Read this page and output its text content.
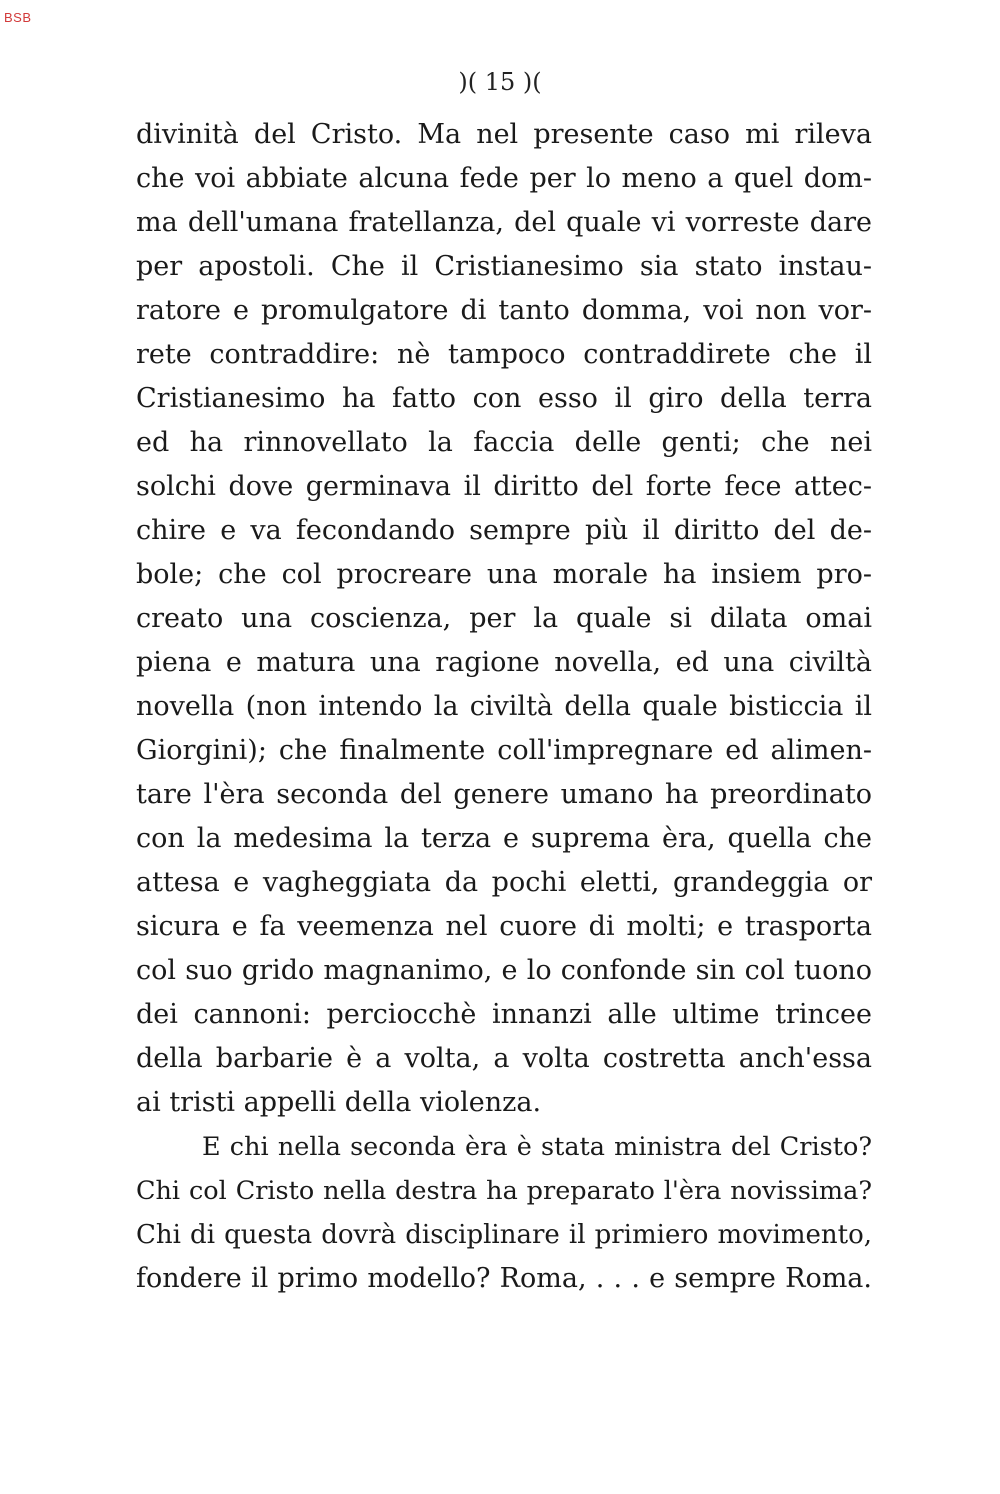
BSB
)( 15 )(
divinità del Cristo. Ma nel presente caso mi rileva
che voi abbiate alcuna fede per lo meno a quel dom-
ma dell'umana fratellanza, del quale vi vorreste dare
per apostoli. Che il Cristianesimo sia stato instau-
ratore e promulgatore di tanto domma, voi non vor-
rete contraddire: nè tampoco contraddirete che il
Cristianesimo ha fatto con esso il giro della terra
ed ha rinnovellato la faccia delle genti; che nei
solchi dove germinava il diritto del forte fece attec-
chire e va fecondando sempre più il diritto del de-
bole; che col procreare una morale ha insiem pro-
creato una coscienza, per la quale si dilata omai
piena e matura una ragione novella, ed una civiltà
novella (non intendo la civiltà della quale bisticcia il
Giorgini); che finalmente coll'impregnare ed alimen-
tare l'èra seconda del genere umano ha preordinato
con la medesima la terza e suprema èra, quella che
attesa e vagheggiata da pochi eletti, grandeggia or
sicura e fa veemenza nel cuore di molti; e trasporta
col suo grido magnanimo, e lo confonde sin col tuono
dei cannoni: perciocchè innanzi alle ultime trincee
della barbarie è a volta, a volta costretta anch'essa
ai tristi appelli della violenza.
E chi nella seconda èra è stata ministra del Cristo?
Chi col Cristo nella destra ha preparato l'èra novissima?
Chi di questa dovrà disciplinare il primiero movimento,
fondere il primo modello? Roma, . . . e sempre Roma.
